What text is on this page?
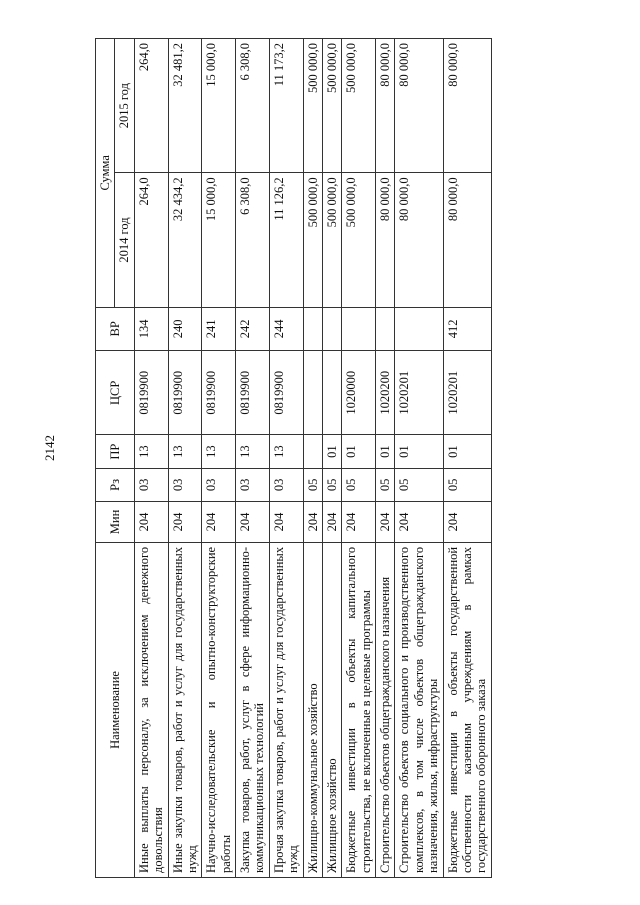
2142
Наименование	Мин	Рз	ПР	ЦСР	ВР	Сумма	
						2014 год	2015 год
Иные выплаты персоналу, за исключением денежного довольствия	204	03	13	0819900	134	264,0	264,0
Иные закупки товаров, работ и услуг для государственных нужд	204	03	13	0819900	240	32 434,2	32 481,2
Научно-исследовательские и опытно-конструкторские работы	204	03	13	0819900	241	15 000,0	15 000,0
Закупка товаров, работ, услуг в сфере информационно-коммуникационных технологий	204	03	13	0819900	242	6 308,0	6 308,0
Прочая закупка товаров, работ и услуг для государственных нужд	204	03	13	0819900	244	11 126,2	11 173,2
Жилищно-коммунальное хозяйство	204	05				500 000,0	500 000,0
Жилищное хозяйство	204	05	01			500 000,0	500 000,0
Бюджетные инвестиции в объекты капитального строительства, не включенные в целевые программы	204	05	01	1020000		500 000,0	500 000,0
Строительство объектов общегражданского назначения	204	05	01	1020200		80 000,0	80 000,0
Строительство объектов социального и производственного комплексов, в том числе объектов общегражданского назначения, жилья, инфраструктуры	204	05	01	1020201		80 000,0	80 000,0
Бюджетные инвестиции в объекты государственной собственности казенным учреждениям в рамках государственного оборонного заказа	204	05	01	1020201	412	80 000,0	80 000,0
